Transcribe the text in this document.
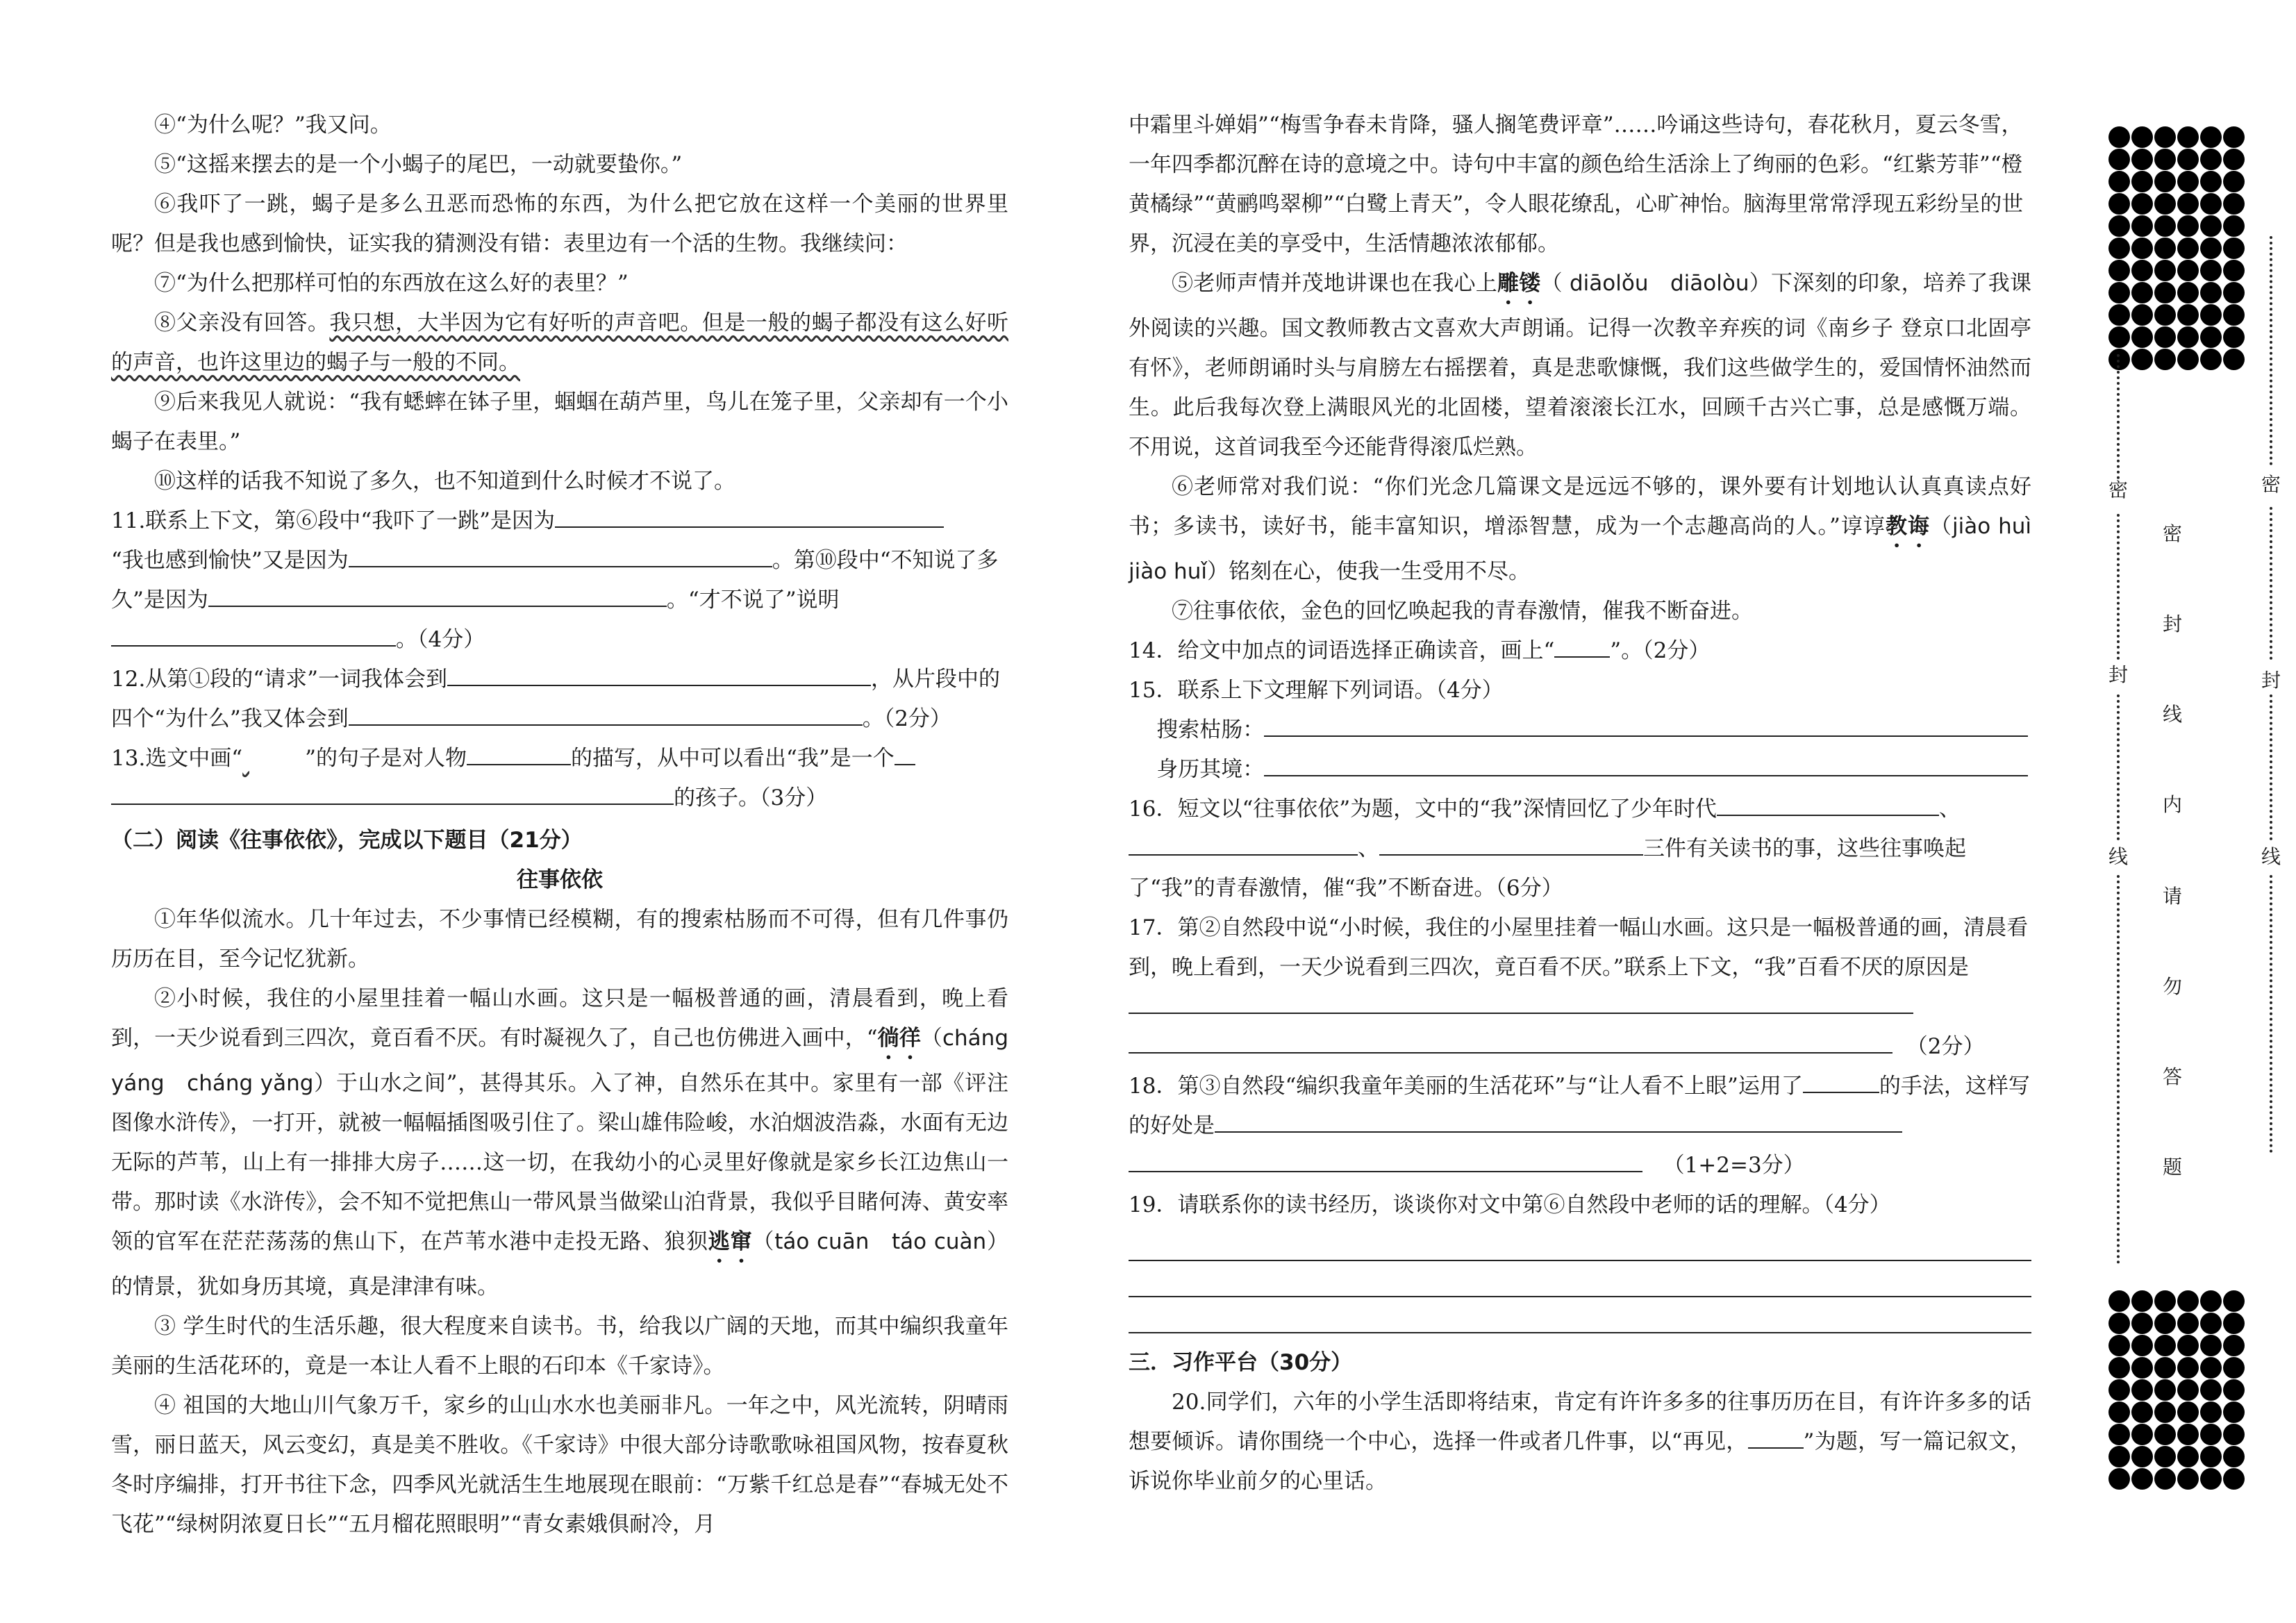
④“为什么呢？”我又问。

⑤“这摇来摆去的是一个小蝎子的尾巴，一动就要蛰你。”

⑥我吓了一跳，蝎子是多么丑恶而恐怖的东西，为什么把它放在这样一个美丽的世界里呢？但是我也感到愉快，证实我的猜测没有错：表里边有一个活的生物。我继续问：

⑦“为什么把那样可怕的东西放在这么好的表里？”

⑧父亲没有回答。我只想，大半因为它有好听的声音吧。但是一般的蝎子都没有这么好听的声音，也许这里边的蝎子与一般的不同。

⑨后来我见人就说：“我有蟋蟀在钵子里，蝈蝈在葫芦里，鸟儿在笼子里，父亲却有一个小蝎子在表里。”

⑩这样的话我不知说了多久，也不知道到什么时候才不说了。

11.联系上下文，第⑥段中“我吓了一跳”是因为
“我也感到愉快”又是因为	。第⑩段中“不知说了多久”是因为	。“才不说了”说明。（4分）

12.从第①段的“请求”一词我体会到	，从片段中的四个“为什么”我又体会到	。（2分）

13.选文中画“	”的句子是对人物	的描写，从中可以看出“我”是一个
的孩子。（3分）

（二）阅读《往事依依》，完成以下题目（21分）

往事依依

①年华似流水。几十年过去，不少事情已经模糊，有的搜索枯肠而不可得，但有几件事仍历历在目，至今记忆犹新。

②小时候，我住的小屋里挂着一幅山水画。这只是一幅极普通的画，清晨看到，晚上看到，一天少说看到三四次，竟百看不厌。有时凝视久了，自己也仿佛进入画中，“徜徉（cháng yáng　cháng yǎng）于山水之间”，甚得其乐。入了神，自然乐在其中。家里有一部《评注图像水浒传》，一打开，就被一幅幅插图吸引住了。梁山雄伟险峻，水泊烟波浩淼，水面有无边无际的芦苇，山上有一排排大房子……这一切，在我幼小的心灵里好像就是家乡长江边焦山一带。那时读《水浒传》，会不知不觉把焦山一带风景当做梁山泊背景，我似乎目睹何涛、黄安率领的官军在茫茫荡荡的焦山下，在芦苇水港中走投无路、狼狈逃窜（táo cuān　táo cuàn）的情景，犹如身历其境，真是津津有味。

③ 学生时代的生活乐趣，很大程度来自读书。书，给我以广阔的天地，而其中编织我童年美丽的生活花环的，竟是一本让人看不上眼的石印本《千家诗》。

④ 祖国的大地山川气象万千，家乡的山山水水也美丽非凡。一年之中，风光流转，阴晴雨雪，丽日蓝天，风云变幻，真是美不胜收。《千家诗》中很大部分诗歌歌咏祖国风物，按春夏秋冬时序编排，打开书往下念，四季风光就活生生地展现在眼前：“万紫千红总是春”“春城无处不飞花”“绿树阴浓夏日长”“五月榴花照眼明”“青女素娥俱耐冷，月

中霜里斗婵娟”“梅雪争春未肯降，骚人搁笔费评章”……吟诵这些诗句，春花秋月，夏云冬雪，一年四季都沉醉在诗的意境之中。诗句中丰富的颜色给生活涂上了绚丽的色彩。“红紫芳菲”“橙黄橘绿”“黄鹂鸣翠柳”“白鹭上青天”，令人眼花缭乱，心旷神怡。脑海里常常浮现五彩纷呈的世界，沉浸在美的享受中，生活情趣浓浓郁郁。

⑤老师声情并茂地讲课也在我心上雕镂（ diāolǒu　diāolòu）下深刻的印象，培养了我课外阅读的兴趣。国文教师教古文喜欢大声朗诵。记得一次教辛弃疾的词《南乡子 登京口北固亭有怀》，老师朗诵时头与肩膀左右摇摆着，真是悲歌慷慨，我们这些做学生的，爱国情怀油然而生。此后我每次登上满眼风光的北固楼，望着滚滚长江水，回顾千古兴亡事，总是感慨万端。不用说，这首词我至今还能背得滚瓜烂熟。

⑥老师常对我们说：“你们光念几篇课文是远远不够的，课外要有计划地认认真真读点好书；多读书，读好书，能丰富知识，增添智慧，成为一个志趣高尚的人。”谆谆教诲（jiào huì　jiào huǐ）铭刻在心，使我一生受用不尽。

⑦往事依依，金色的回忆唤起我的青春激情，催我不断奋进。

14．给文中加点的词语选择正确读音，画上“	”。（2分）

15．联系上下文理解下列词语。（4分）

搜索枯肠：

身历其境：

16．短文以“往事依依”为题，文中的“我”深情回忆了少年时代	、
、	三件有关读书的事，这些往事唤起了“我”的青春激情，催“我”不断奋进。（6分）

17．第②自然段中说“小时候，我住的小屋里挂着一幅山水画。这只是一幅极普通的画，清晨看到，晚上看到，一天少说看到三四次，竟百看不厌。”联系上下文，“我”百看不厌的原因是
（2分）

18．第③自然段“编织我童年美丽的生活花环”与“让人看不上眼”运用了	的手法，这样写的好处是
（1+2=3分）

19．请联系你的读书经历，谈谈你对文中第⑥自然段中老师的话的理解。（4分）

三．习作平台（30分）

20.同学们，六年的小学生活即将结束，肯定有许许多多的往事历历在目，有许许多多的话想要倾诉。请你围绕一个中心，选择一件或者几件事，以“再见，	”为题，写一篇记叙文，诉说你毕业前夕的心里话。

密
封
线
密
封
线
密
封
线
内
请
勿
答
题
